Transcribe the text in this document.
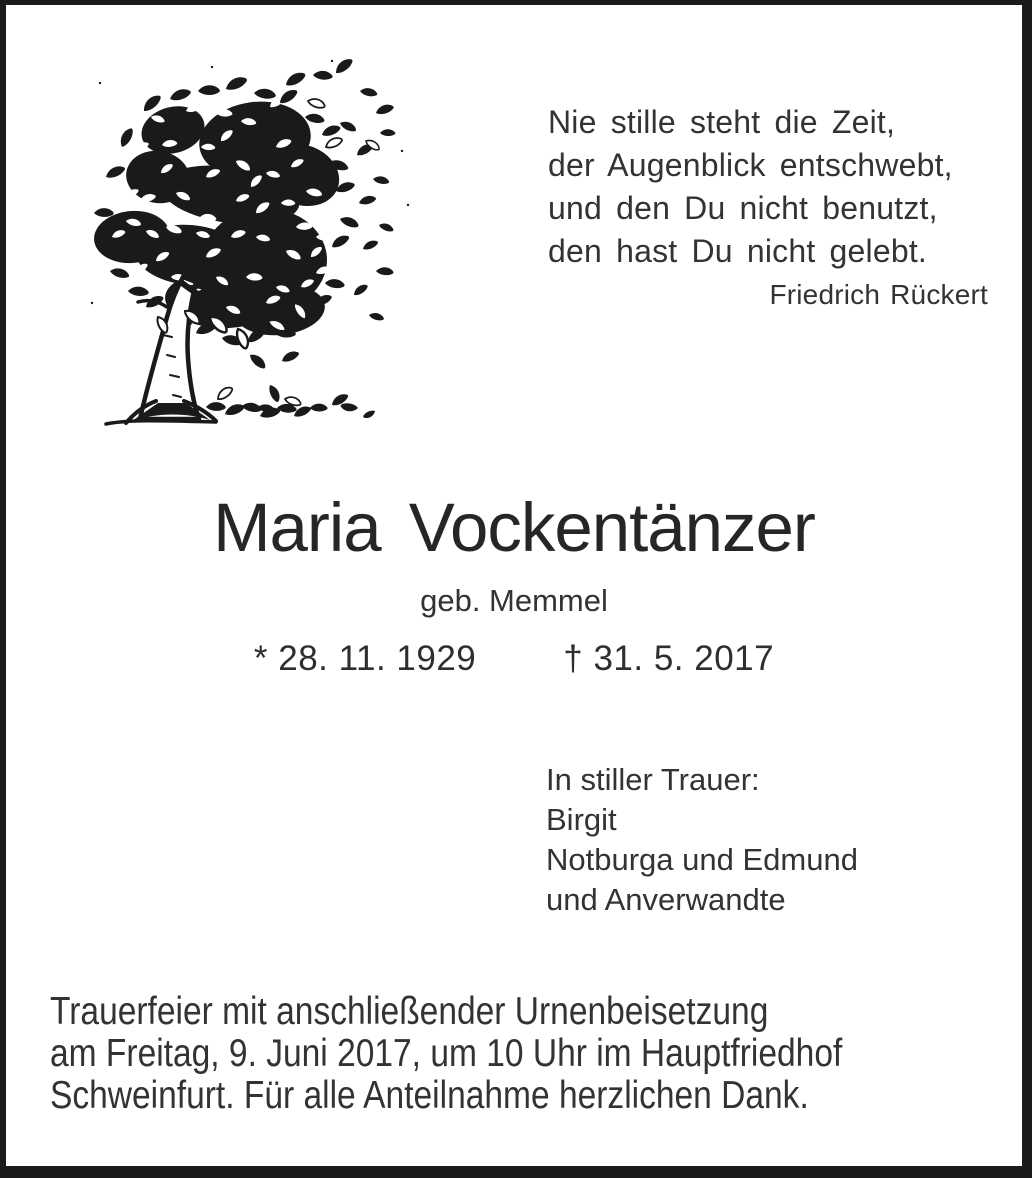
Nie stille steht die Zeit,
der Augenblick entschwebt,
und den Du nicht benutzt,
den hast Du nicht gelebt.
Friedrich Rückert
Maria Vockentänzer
geb. Memmel
* 28. 11. 1929 † 31. 5. 2017
In stiller Trauer:
Birgit
Notburga und Edmund
und Anverwandte
Trauerfeier mit anschließender Urnenbeisetzung
am Freitag, 9. Juni 2017, um 10 Uhr im Hauptfriedhof
Schweinfurt. Für alle Anteilnahme herzlichen Dank.
